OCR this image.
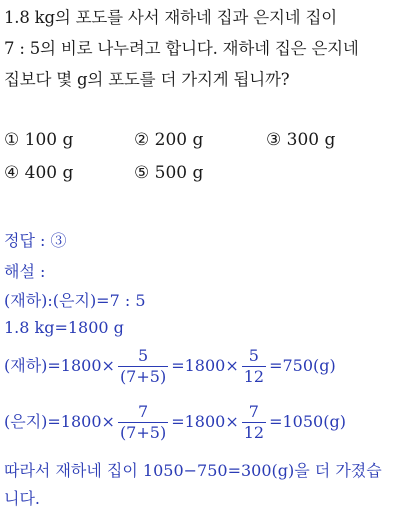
1.8 kg의 포도를 사서 재하네 집과 은지네 집이
7 : 5의 비로 나누려고 합니다. 재하네 집은 은지네
집보다 몇 g의 포도를 더 가지게 됩니까?
① 100 g	② 200 g	③ 300 g
④ 400 g	⑤ 500 g
정답 : ③
해설 :
(재하):(은지)=7 : 5
1.8 kg=1800 g
(재하)$=1800\times \frac{5}{(7+5)} =1800\times \frac{5}{12} =750(g)$
(은지)$=1800\times \frac{7}{(7+5)} =1800\times \frac{7}{12} =1050(g)$
따라서 재하네 집이 1050−750=300(g)을 더 가졌습
니다.
